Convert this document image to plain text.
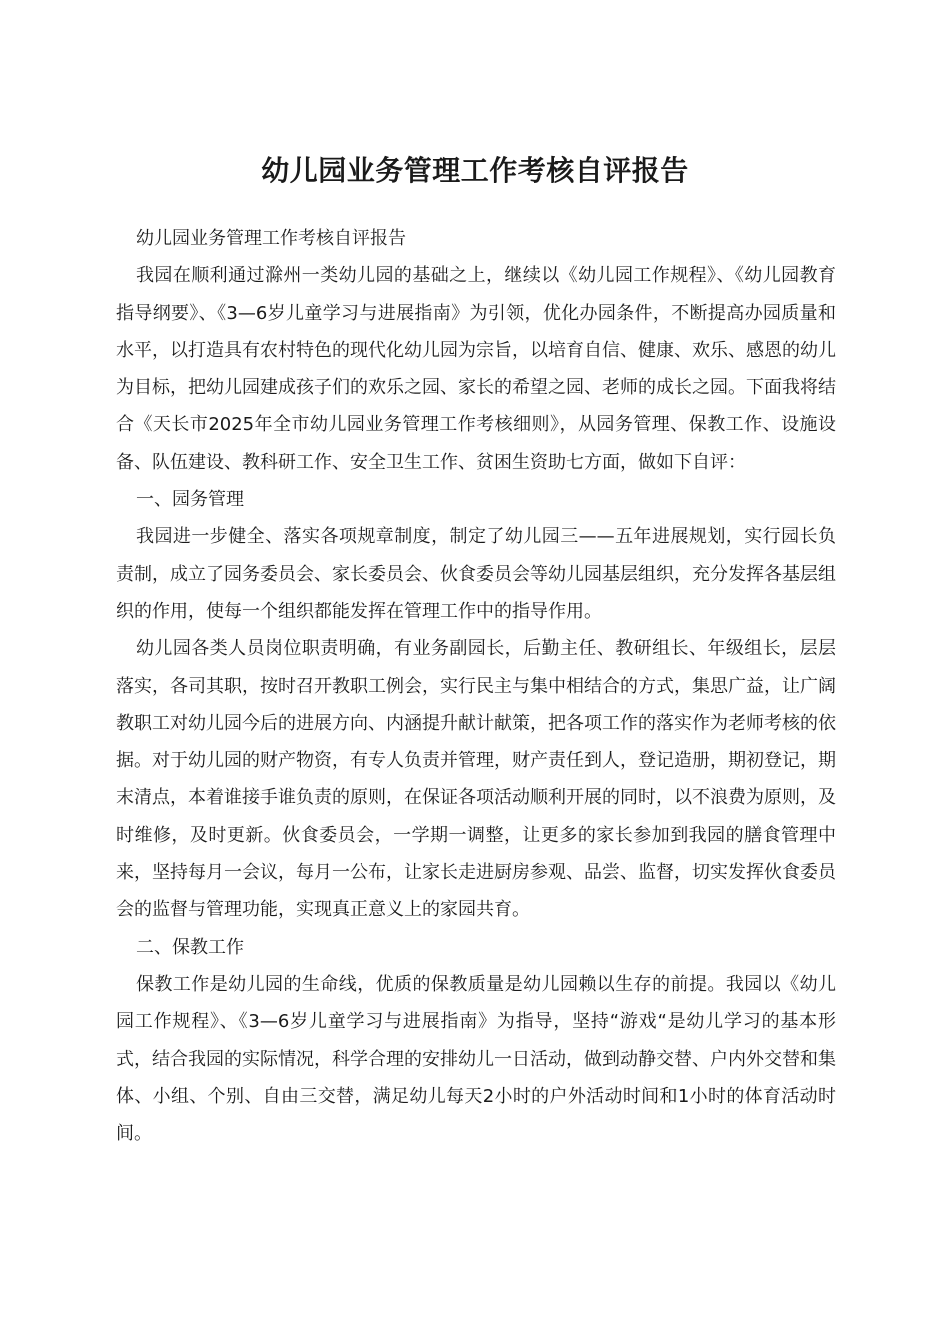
幼儿园业务管理工作考核自评报告

幼儿园业务管理工作考核自评报告

我园在顺利通过滁州一类幼儿园的基础之上，继续以《幼儿园工作规程》、《幼儿园教育指导纲要》、《3—6岁儿童学习与进展指南》为引领，优化办园条件，不断提高办园质量和水平，以打造具有农村特色的现代化幼儿园为宗旨，以培育自信、健康、欢乐、感恩的幼儿为目标，把幼儿园建成孩子们的欢乐之园、家长的希望之园、老师的成长之园。下面我将结合《天长市2025年全市幼儿园业务管理工作考核细则》，从园务管理、保教工作、设施设备、队伍建设、教科研工作、安全卫生工作、贫困生资助七方面，做如下自评：

一、园务管理

我园进一步健全、落实各项规章制度，制定了幼儿园三——五年进展规划，实行园长负责制，成立了园务委员会、家长委员会、伙食委员会等幼儿园基层组织，充分发挥各基层组织的作用，使每一个组织都能发挥在管理工作中的指导作用。

幼儿园各类人员岗位职责明确，有业务副园长，后勤主任、教研组长、年级组长，层层落实，各司其职，按时召开教职工例会，实行民主与集中相结合的方式，集思广益，让广阔教职工对幼儿园今后的进展方向、内涵提升献计献策，把各项工作的落实作为老师考核的依据。对于幼儿园的财产物资，有专人负责并管理，财产责任到人，登记造册，期初登记，期末清点，本着谁接手谁负责的原则，在保证各项活动顺利开展的同时，以不浪费为原则，及时维修，及时更新。伙食委员会，一学期一调整，让更多的家长参加到我园的膳食管理中来，坚持每月一会议，每月一公布，让家长走进厨房参观、品尝、监督，切实发挥伙食委员会的监督与管理功能，实现真正意义上的家园共育。

二、保教工作

保教工作是幼儿园的生命线，优质的保教质量是幼儿园赖以生存的前提。我园以《幼儿园工作规程》、《3—6岁儿童学习与进展指南》为指导，坚持“游戏“是幼儿学习的基本形式，结合我园的实际情况，科学合理的安排幼儿一日活动，做到动静交替、户内外交替和集体、小组、个别、自由三交替，满足幼儿每天2小时的户外活动时间和1小时的体育活动时间。
